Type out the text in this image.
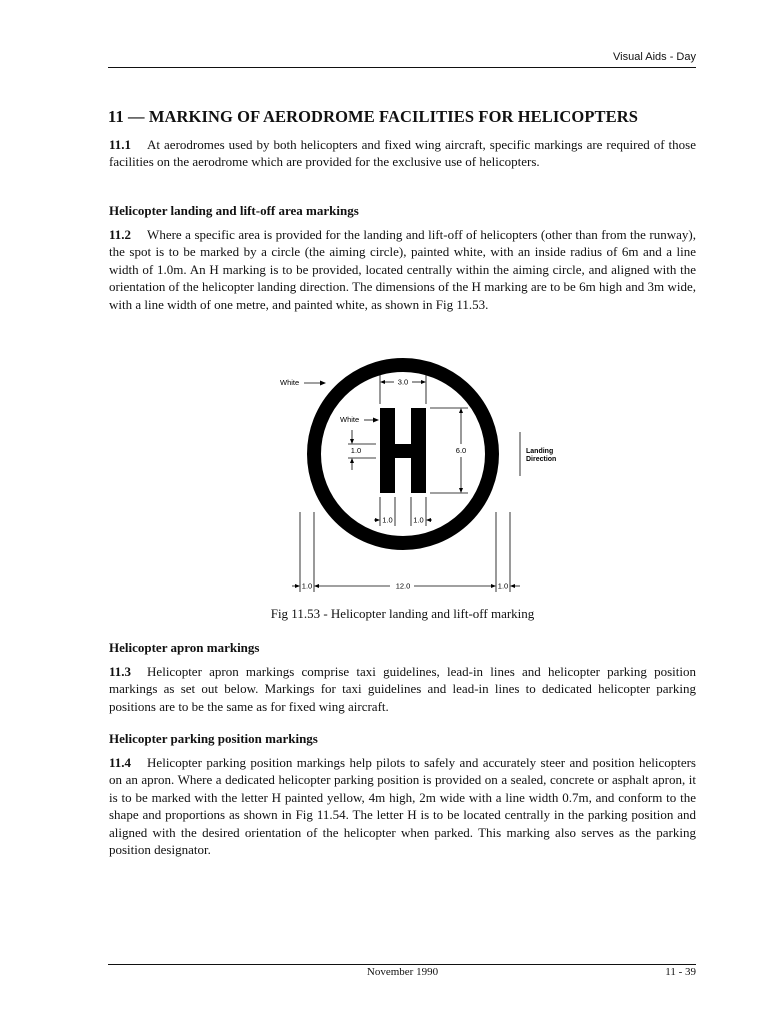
Visual Aids - Day
11 — MARKING OF AERODROME FACILITIES FOR HELICOPTERS

11.1 At aerodromes used by both helicopters and fixed wing aircraft, specific markings are required of those facilities on the aerodrome which are provided for the exclusive use of helicopters.

Helicopter landing and lift-off area markings

11.2 Where a specific area is provided for the landing and lift-off of helicopters (other than from the runway), the spot is to be marked by a circle (the aiming circle), painted white, with an inside radius of 6m and a line width of 1.0m. An H marking is to be provided, located centrally within the aiming circle, and aligned with the orientation of the helicopter landing direction. The dimensions of the H marking are to be 6m high and 3m wide, with a line width of one metre, and painted white, as shown in Fig 11.53.

White
White
3.0
6.0
1.0
1.0	1.0
Landing
Direction
1.0	12.0	1.0
Fig 11.53 - Helicopter landing and lift-off marking
Helicopter apron markings

11.3 Helicopter apron markings comprise taxi guidelines, lead-in lines and helicopter parking position markings as set out below. Markings for taxi guidelines and lead-in lines to dedicated helicopter parking positions are to be the same as for fixed wing aircraft.

Helicopter parking position markings

11.4 Helicopter parking position markings help pilots to safely and accurately steer and position helicopters on an apron. Where a dedicated helicopter parking position is provided on a sealed, concrete or asphalt apron, it is to be marked with the letter H painted yellow, 4m high, 2m wide with a line width 0.7m, and conform to the shape and proportions as shown in Fig 11.54. The letter H is to be located centrally in the parking position and aligned with the desired orientation of the helicopter when parked. This marking also serves as the parking position designator.

November 1990	11 - 39
